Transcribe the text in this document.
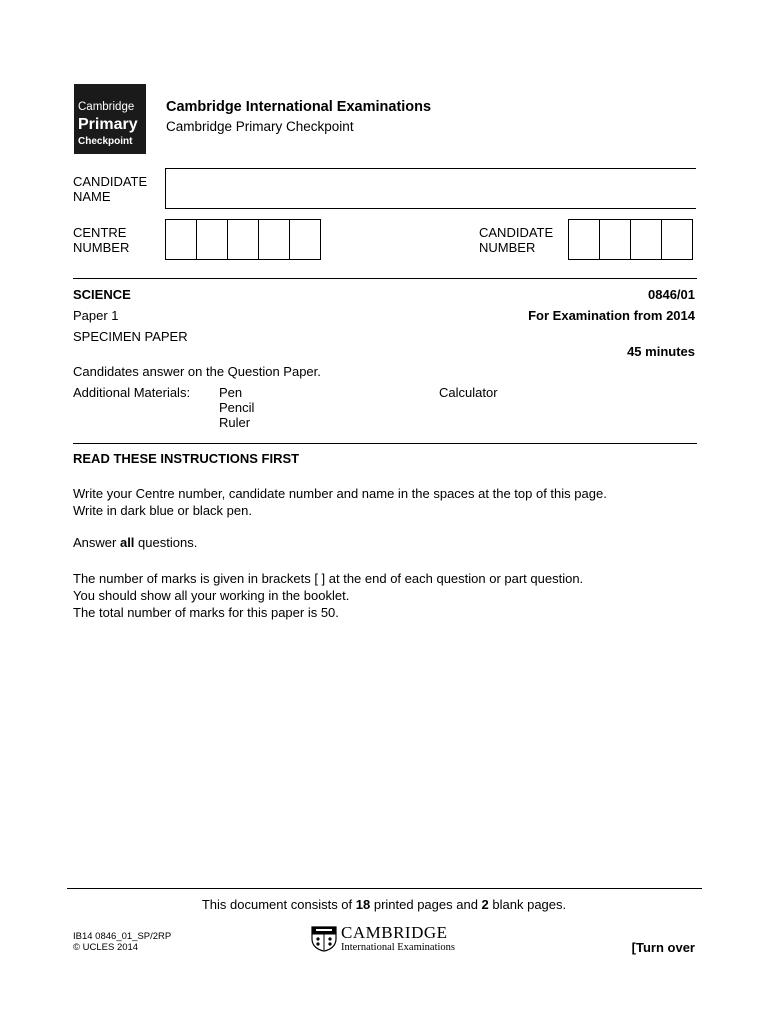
Cambridge
Primary
Checkpoint
Cambridge International Examinations
Cambridge Primary Checkpoint
CANDIDATE
NAME
CENTRE
NUMBER
CANDIDATE
NUMBER
SCIENCE	0846/01
Paper 1	For Examination from 2014
SPECIMEN PAPER
45 minutes
Candidates answer on the Question Paper.
Additional Materials: Pen
Pencil
Ruler
Calculator
READ THESE INSTRUCTIONS FIRST
Write your Centre number, candidate number and name in the spaces at the top of this page.
Write in dark blue or black pen.
Answer all questions.
The number of marks is given in brackets [ ] at the end of each question or part question.
You should show all your working in the booklet.
The total number of marks for this paper is 50.
This document consists of 18 printed pages and 2 blank pages.
IB14 0846_01_SP/2RP
© UCLES 2014
CAMBRIDGE
International Examinations	[Turn over
